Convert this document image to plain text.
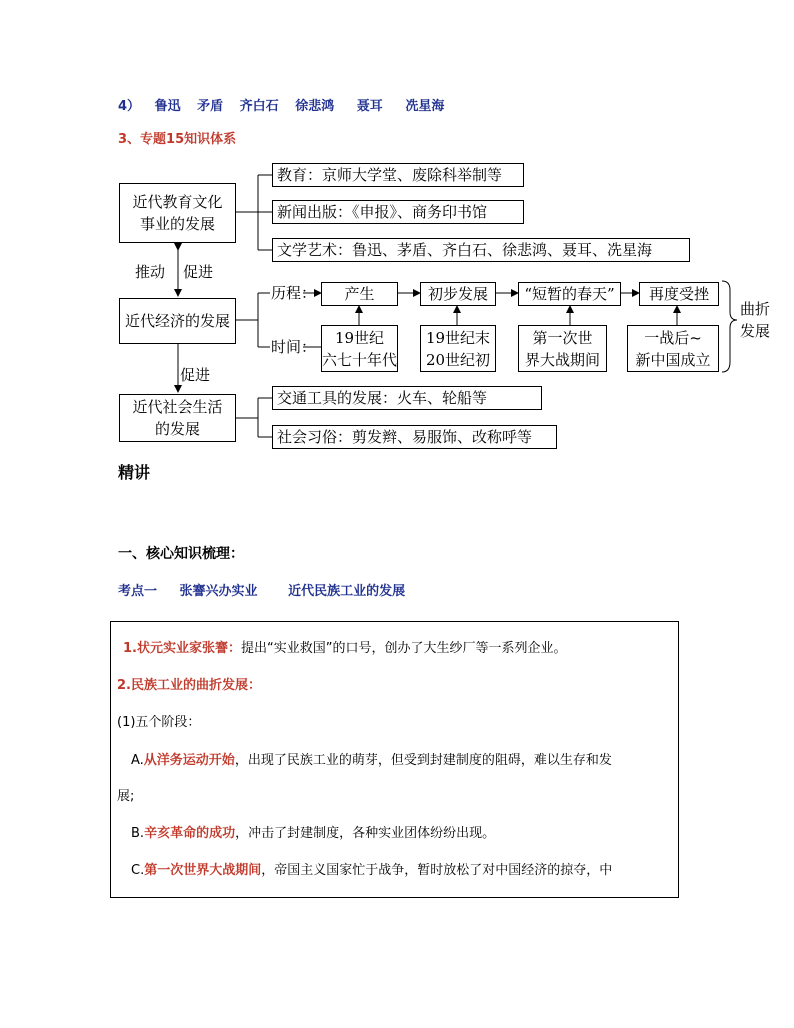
4） 鲁迅 矛盾 齐白石 徐悲鸿 聂耳 冼星海
3、专题15知识体系
近代教育文化事业的发展
教育：京师大学堂、废除科举制等
新闻出版：《申报》、商务印书馆
文学艺术：鲁迅、茅盾、齐白石、徐悲鸿、聂耳、冼星海
推动 促进
近代经济的发展
历程：
时间：
产生	初步发展 “短暂的春天” 再度受挫
19世纪
六七十年代
19世纪末
20世纪初
第一次世
界大战期间
一战后~
新中国成立
曲折
发展
促进
近代社会生活的发展
交通工具的发展：火车、轮船等
社会习俗：剪发辫、易服饰、改称呼等
精讲
一、核心知识梳理：
考点一 张謇兴办实业 近代民族工业的发展
1.状元实业家张謇：提出“实业救国”的口号，创办了大生纱厂等一系列企业。
2.民族工业的曲折发展：
(1)五个阶段：
A.从洋务运动开始，出现了民族工业的萌芽，但受到封建制度的阻碍，难以生存和发
展;
B.辛亥革命的成功，冲击了封建制度，各种实业团体纷纷出现。
C.第一次世界大战期间，帝国主义国家忙于战争，暂时放松了对中国经济的掠夺，中
